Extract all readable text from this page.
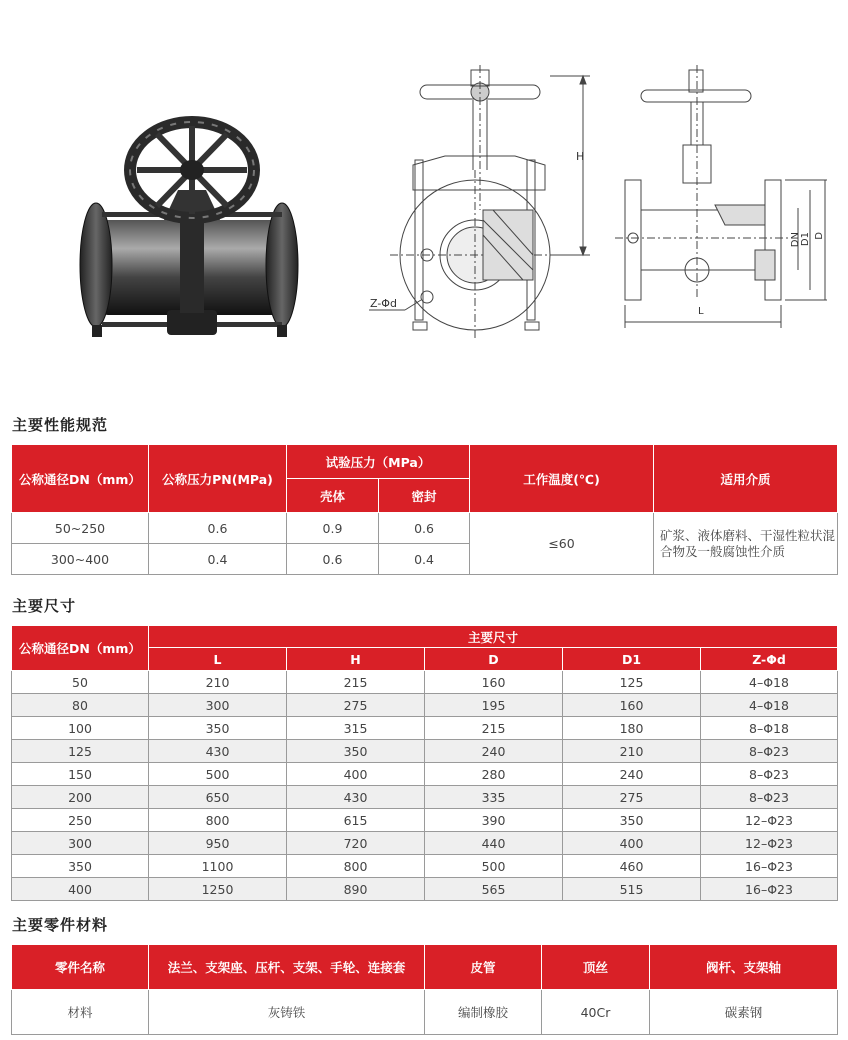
H
Z-Φd
DN D1 D
L
主要性能规范
公称通径DN（mm）	公称压力PN(MPa)	试验压力（MPa）		工作温度(℃)	适用介质
		壳体	密封		
50~250	0.6	0.9	0.6	≤60	矿浆、液体磨料、干湿性粒状混合物及一般腐蚀性介质
300~400	0.4	0.6	0.4		
主要尺寸
公称通径DN（mm）	主要尺寸				
	L	H	D	D1	Z-Φd
50	210	215	160	125	4–Φ18
80	300	275	195	160	4–Φ18
100	350	315	215	180	8–Φ18
125	430	350	240	210	8–Φ23
150	500	400	280	240	8–Φ23
200	650	430	335	275	8–Φ23
250	800	615	390	350	12–Φ23
300	950	720	440	400	12–Φ23
350	1100	800	500	460	16–Φ23
400	1250	890	565	515	16–Φ23
主要零件材料
零件名称	法兰、支架座、压杆、支架、手轮、连接套	皮管	顶丝	阀杆、支架轴
材料	灰铸铁	编制橡胶	40Cr	碳素钢
